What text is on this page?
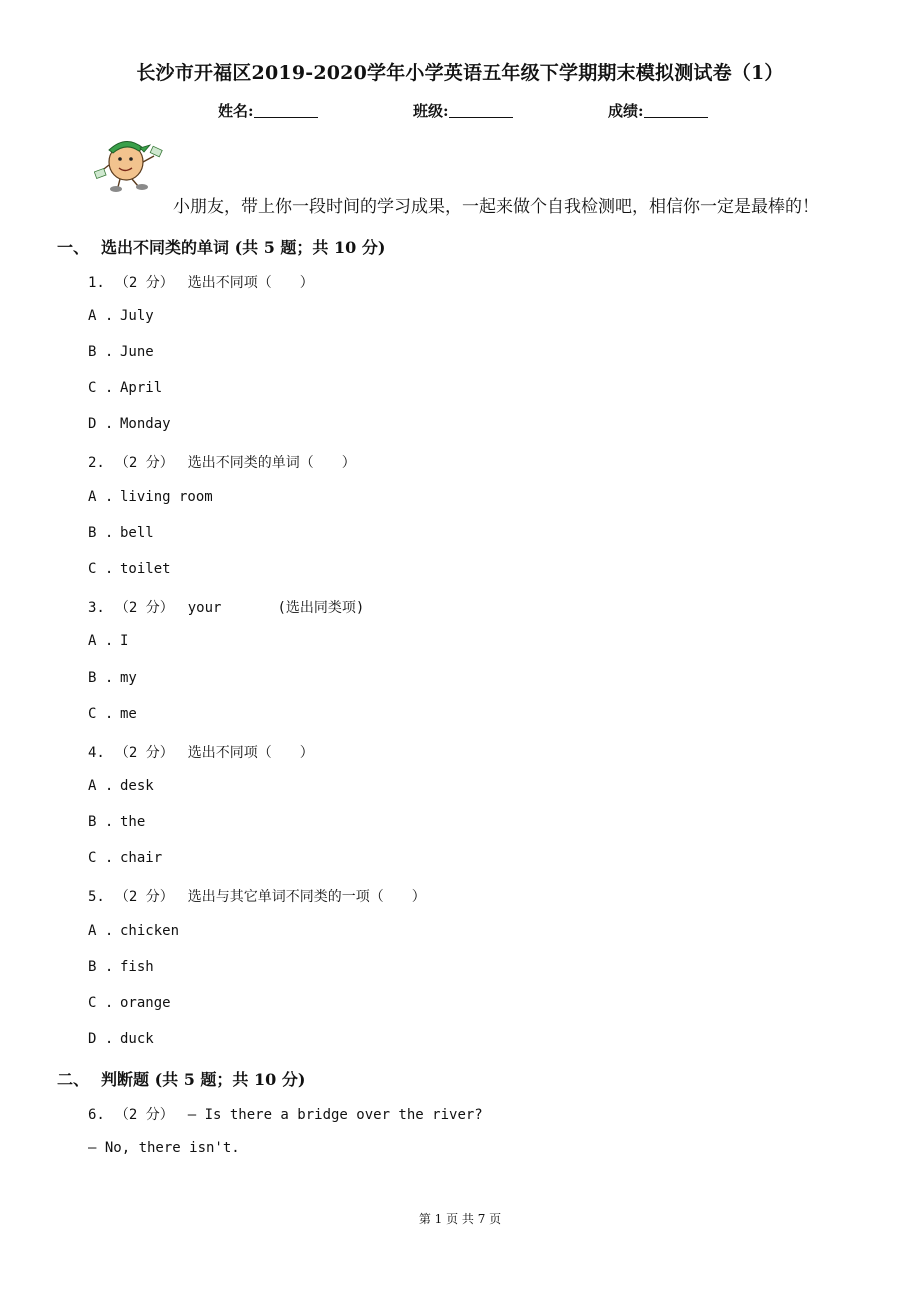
长沙市开福区2019-2020学年小学英语五年级下学期期末模拟测试卷（1）
姓名:	班级:	成绩:
小朋友，带上你一段时间的学习成果，一起来做个自我检测吧，相信你一定是最棒的！
一、 选出不同类的单词 (共 5 题；共 10 分)
1. （2 分） 选出不同项（　　）
A . July
B . June
C . April
D . Monday
2. （2 分） 选出不同类的单词（　　）
A . living room
B . bell
C . toilet
3. （2 分） your	(选出同类项)
A . I
B . my
C . me
4. （2 分） 选出不同项（　　）
A . desk
B . the
C . chair
5. （2 分） 选出与其它单词不同类的一项（　　）
A . chicken
B . fish
C . orange
D . duck
二、 判断题 (共 5 题；共 10 分)
6. （2 分） — Is there a bridge over the river?
— No, there isn't.
第 1 页 共 7 页
